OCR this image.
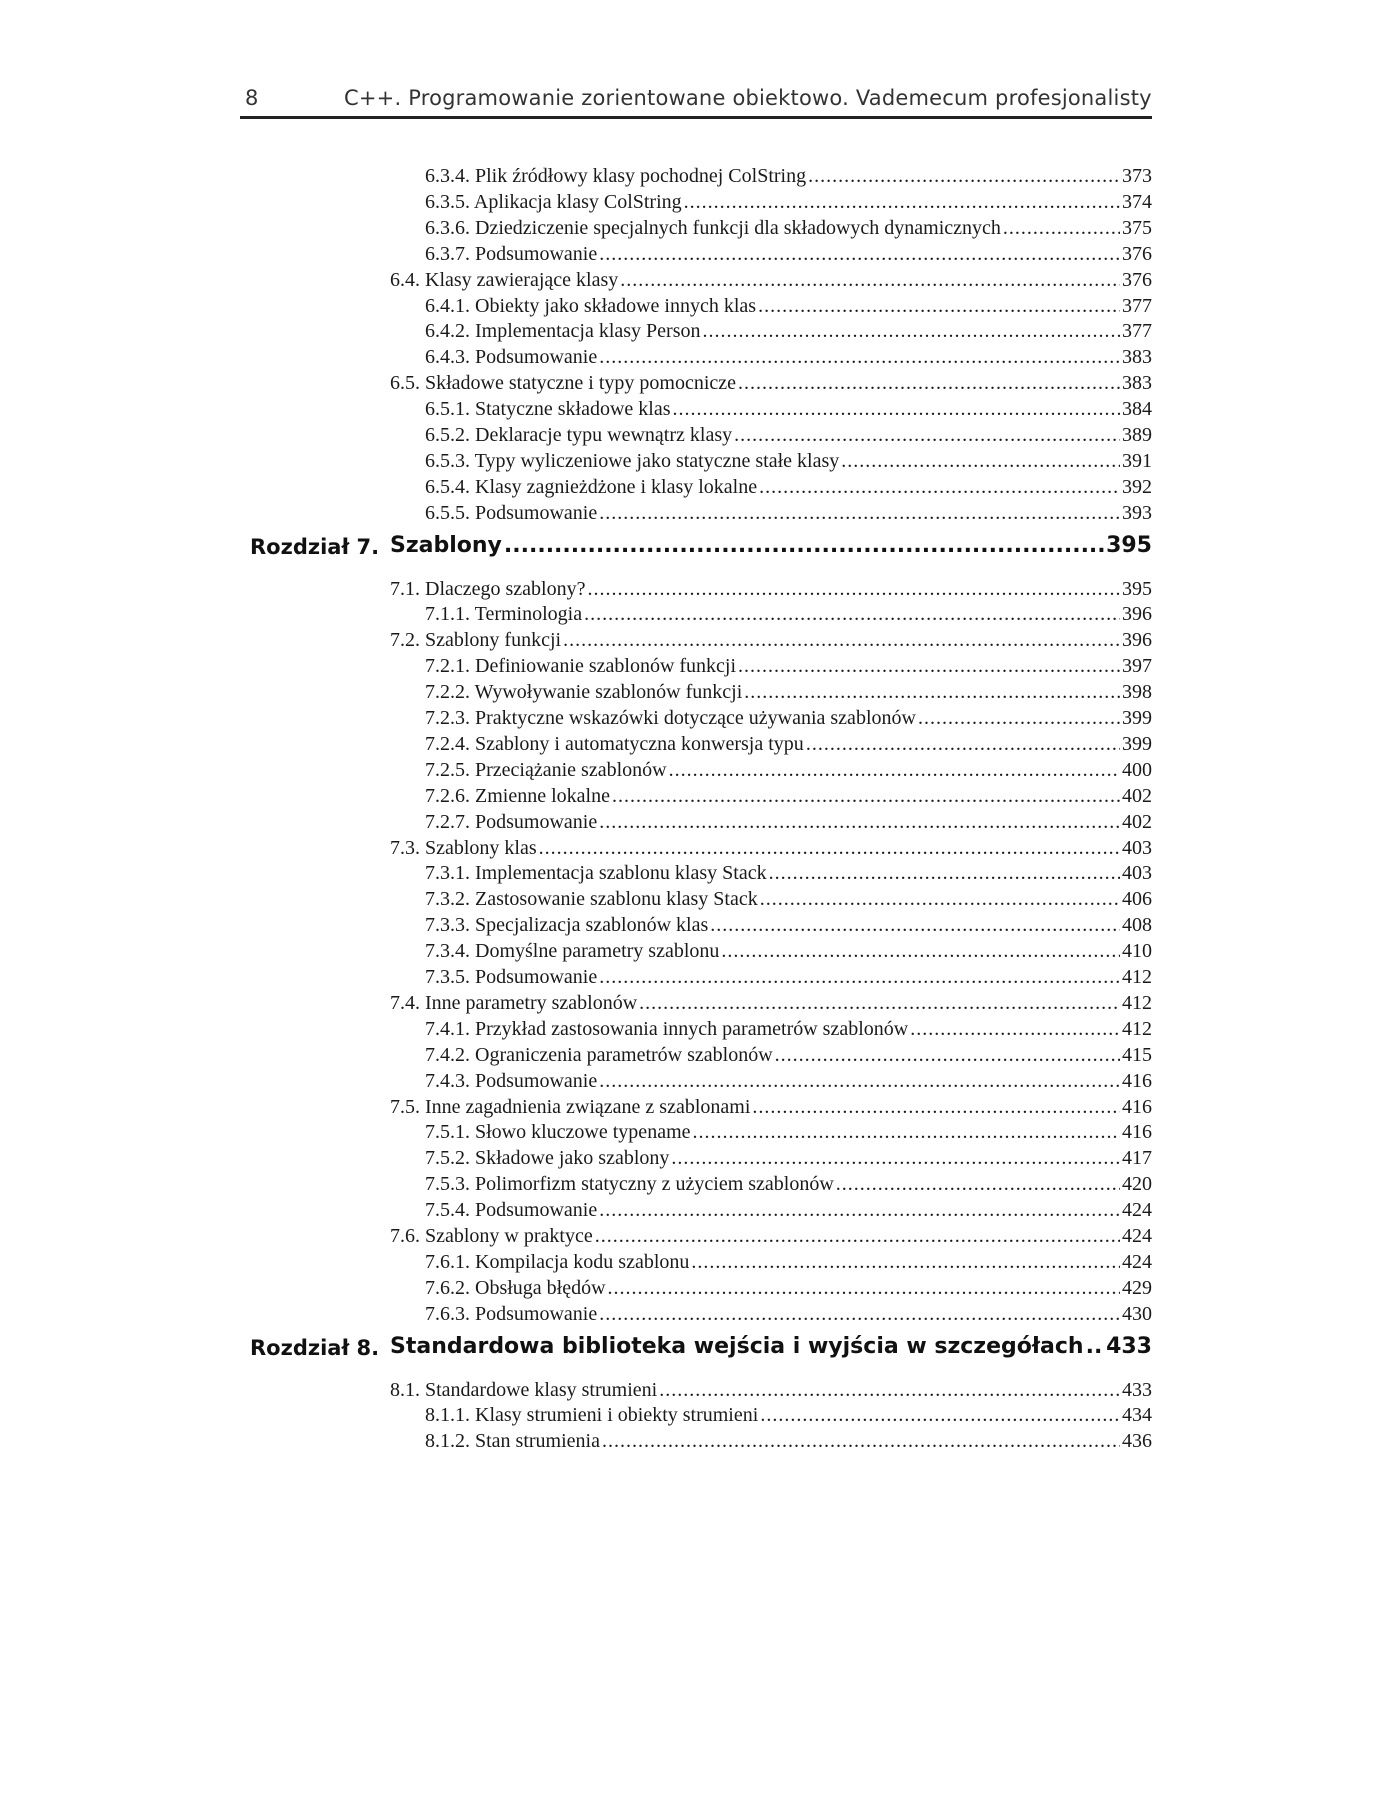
8	C++. Programowanie zorientowane obiektowo. Vademecum profesjonalisty
6.3.4. Plik źródłowy klasy pochodnej ColString .....	373
6.3.5. Aplikacja klasy ColString .....	374
6.3.6. Dziedziczenie specjalnych funkcji dla składowych dynamicznych .....	375
6.3.7. Podsumowanie .....	376
6.4. Klasy zawierające klasy .....	376
6.4.1. Obiekty jako składowe innych klas .....	377
6.4.2. Implementacja klasy Person .....	377
6.4.3. Podsumowanie .....	383
6.5. Składowe statyczne i typy pomocnicze .....	383
6.5.1. Statyczne składowe klas .....	384
6.5.2. Deklaracje typu wewnątrz klasy .....	389
6.5.3. Typy wyliczeniowe jako statyczne stałe klasy .....	391
6.5.4. Klasy zagnieżdżone i klasy lokalne .....	392
6.5.5. Podsumowanie .....	393
Rozdział 7. Szablony .....	395
7.1. Dlaczego szablony? .....	395
7.1.1. Terminologia .....	396
7.2. Szablony funkcji .....	396
7.2.1. Definiowanie szablonów funkcji .....	397
7.2.2. Wywoływanie szablonów funkcji .....	398
7.2.3. Praktyczne wskazówki dotyczące używania szablonów .....	399
7.2.4. Szablony i automatyczna konwersja typu .....	399
7.2.5. Przeciążanie szablonów .....	400
7.2.6. Zmienne lokalne .....	402
7.2.7. Podsumowanie .....	402
7.3. Szablony klas .....	403
7.3.1. Implementacja szablonu klasy Stack .....	403
7.3.2. Zastosowanie szablonu klasy Stack .....	406
7.3.3. Specjalizacja szablonów klas .....	408
7.3.4. Domyślne parametry szablonu .....	410
7.3.5. Podsumowanie .....	412
7.4. Inne parametry szablonów .....	412
7.4.1. Przykład zastosowania innych parametrów szablonów .....	412
7.4.2. Ograniczenia parametrów szablonów .....	415
7.4.3. Podsumowanie .....	416
7.5. Inne zagadnienia związane z szablonami .....	416
7.5.1. Słowo kluczowe typename .....	416
7.5.2. Składowe jako szablony .....	417
7.5.3. Polimorfizm statyczny z użyciem szablonów .....	420
7.5.4. Podsumowanie .....	424
7.6. Szablony w praktyce .....	424
7.6.1. Kompilacja kodu szablonu .....	424
7.6.2. Obsługa błędów .....	429
7.6.3. Podsumowanie .....	430
Rozdział 8. Standardowa biblioteka wejścia i wyjścia w szczegółach ..... 433
8.1. Standardowe klasy strumieni .....	433
8.1.1. Klasy strumieni i obiekty strumieni .....	434
8.1.2. Stan strumienia .....	436
